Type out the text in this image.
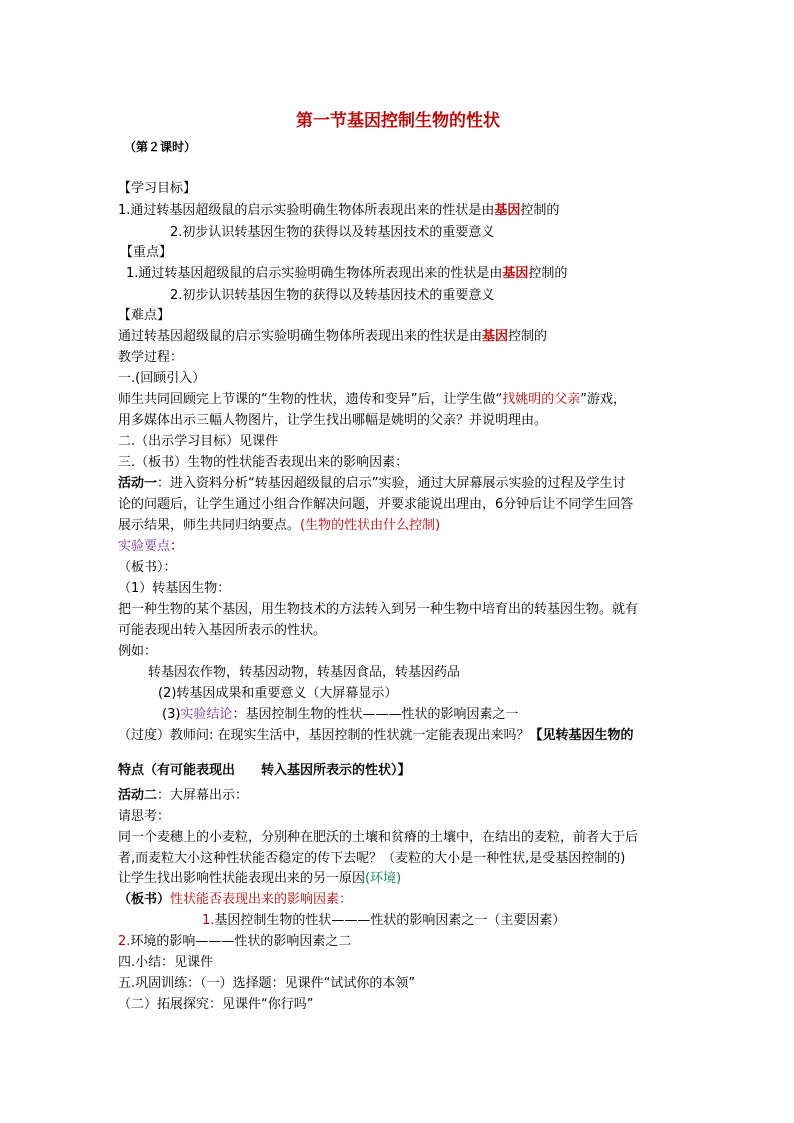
第一节基因控制生物的性状
（第２课时）
【学习目标】
1.通过转基因超级鼠的启示实验明确生物体所表现出来的性状是由基因控制的
2.初步认识转基因生物的获得以及转基因技术的重要意义
【重点】
1.通过转基因超级鼠的启示实验明确生物体所表现出来的性状是由基因控制的
2.初步认识转基因生物的获得以及转基因技术的重要意义
【难点】
通过转基因超级鼠的启示实验明确生物体所表现出来的性状是由基因控制的
教学过程：
一.(回顾引入）
师生共同回顾完上节课的“生物的性状，遗传和变异”后，让学生做“找姚明的父亲”游戏，
用多媒体出示三幅人物图片，让学生找出哪幅是姚明的父亲？并说明理由。
二.（出示学习目标）见课件
三.（板书）生物的性状能否表现出来的影响因素：
活动一：进入资料分析“转基因超级鼠的启示”实验，通过大屏幕展示实验的过程及学生讨
论的问题后，让学生通过小组合作解决问题，并要求能说出理由，6分钟后让不同学生回答
展示结果，师生共同归纳要点。(生物的性状由什么控制)
实验要点：
（板书）：
（1）转基因生物：
把一种生物的某个基因，用生物技术的方法转入到另一种生物中培育出的转基因生物。就有
可能表现出转入基因所表示的性状。
例如：
转基因农作物，转基因动物，转基因食品，转基因药品
(2)转基因成果和重要意义（大屏幕显示）
(3)实验结论：基因控制生物的性状———性状的影响因素之一
（过度）教师问: 在现实生活中，基因控制的性状就一定能表现出来吗？【见转基因生物的
特点（有可能表现出 转入基因所表示的性状）】
活动二：大屏幕出示：
请思考：
同一个麦穗上的小麦粒，分别种在肥沃的土壤和贫瘠的土壤中，在结出的麦粒，前者大于后
者,而麦粒大小这种性状能否稳定的传下去呢？（麦粒的大小是一种性状,是受基因控制的)
让学生找出影响性状能表现出来的另一原因(环境)
（板书）性状能否表现出来的影响因素：
1.基因控制生物的性状———性状的影响因素之一（主要因素）
2.环境的影响———性状的影响因素之二
四.小结：见课件
五.巩固训练：（一）选择题：见课件“试试你的本领”
（二）拓展探究：见课件“你行吗”
